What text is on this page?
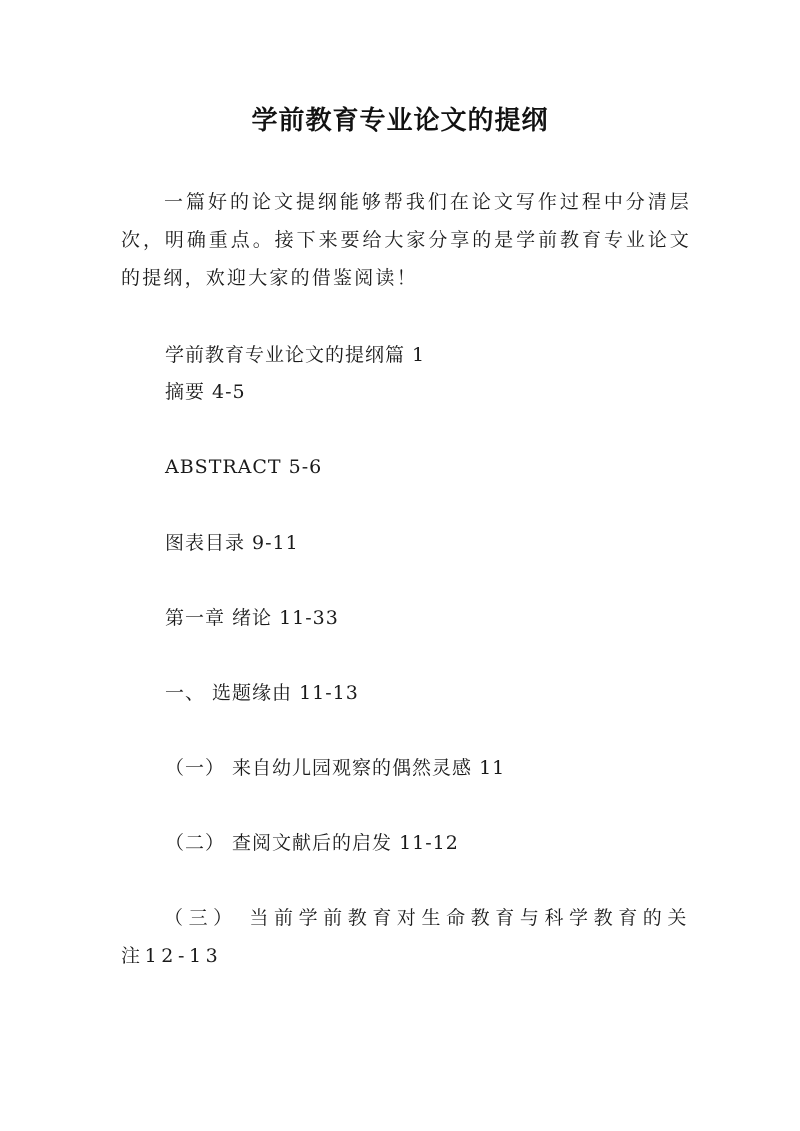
学前教育专业论文的提纲

一篇好的论文提纲能够帮我们在论文写作过程中分清层次，明确重点。接下来要给大家分享的是学前教育专业论文的提纲，欢迎大家的借鉴阅读！

学前教育专业论文的提纲篇 1

摘要 4-5

ABSTRACT 5-6

图表目录 9-11

第一章 绪论 11-33

一、 选题缘由 11-13

（一） 来自幼儿园观察的偶然灵感 11

（二） 查阅文献后的启发 11-12

（三） 当前学前教育对生命教育与科学教育的关注12-13
